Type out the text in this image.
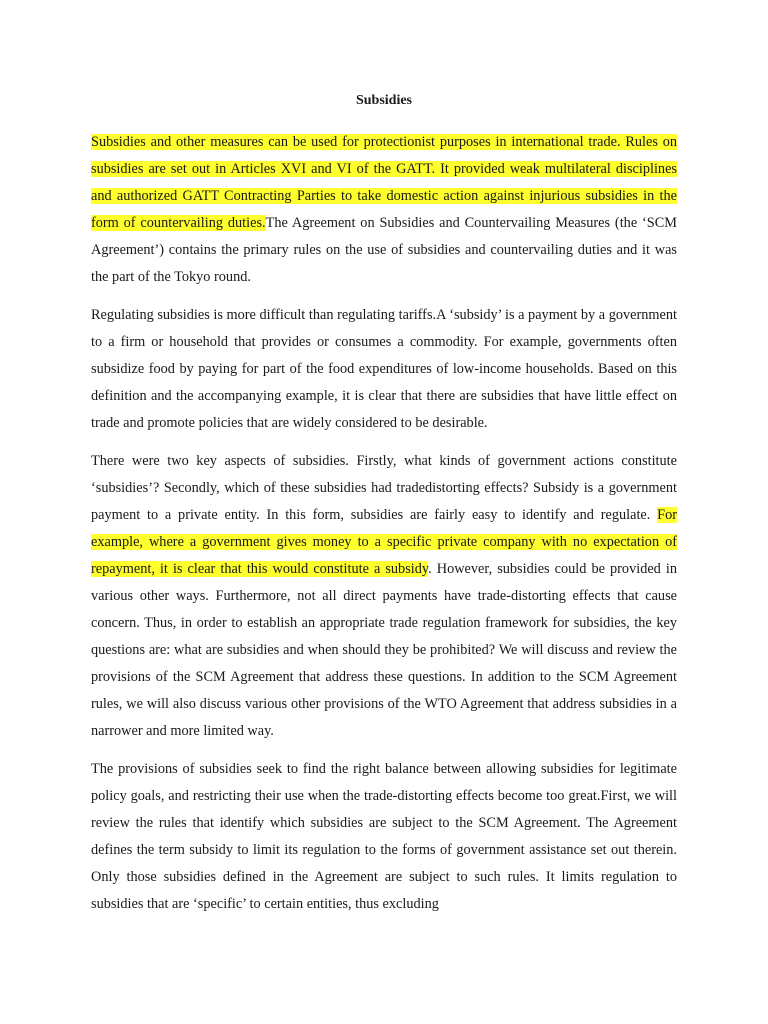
Subsidies

Subsidies and other measures can be used for protectionist purposes in international trade. Rules on subsidies are set out in Articles XVI and VI of the GATT. It provided weak multilateral disciplines and authorized GATT Contracting Parties to take domestic action against injurious subsidies in the form of countervailing duties.The Agreement on Subsidies and Countervailing Measures (the ‘SCM Agreement’) contains the primary rules on the use of subsidies and countervailing duties and it was the part of the Tokyo round.

Regulating subsidies is more difficult than regulating tariffs.A ‘subsidy’ is a payment by a government to a firm or household that provides or consumes a commodity. For example, governments often subsidize food by paying for part of the food expenditures of low-income households. Based on this definition and the accompanying example, it is clear that there are subsidies that have little effect on trade and promote policies that are widely considered to be desirable.

There were two key aspects of subsidies. Firstly, what kinds of government actions constitute ‘subsidies’? Secondly, which of these subsidies had tradedistorting effects? Subsidy is a government payment to a private entity. In this form, subsidies are fairly easy to identify and regulate. For example, where a government gives money to a specific private company with no expectation of repayment, it is clear that this would constitute a subsidy. However, subsidies could be provided in various other ways. Furthermore, not all direct payments have trade-distorting effects that cause concern. Thus, in order to establish an appropriate trade regulation framework for subsidies, the key questions are: what are subsidies and when should they be prohibited? We will discuss and review the provisions of the SCM Agreement that address these questions. In addition to the SCM Agreement rules, we will also discuss various other provisions of the WTO Agreement that address subsidies in a narrower and more limited way.

The provisions of subsidies seek to find the right balance between allowing subsidies for legitimate policy goals, and restricting their use when the trade-distorting effects become too great.First, we will review the rules that identify which subsidies are subject to the SCM Agreement. The Agreement defines the term subsidy to limit its regulation to the forms of government assistance set out therein. Only those subsidies defined in the Agreement are subject to such rules. It limits regulation to subsidies that are ‘specific’ to certain entities, thus excluding
